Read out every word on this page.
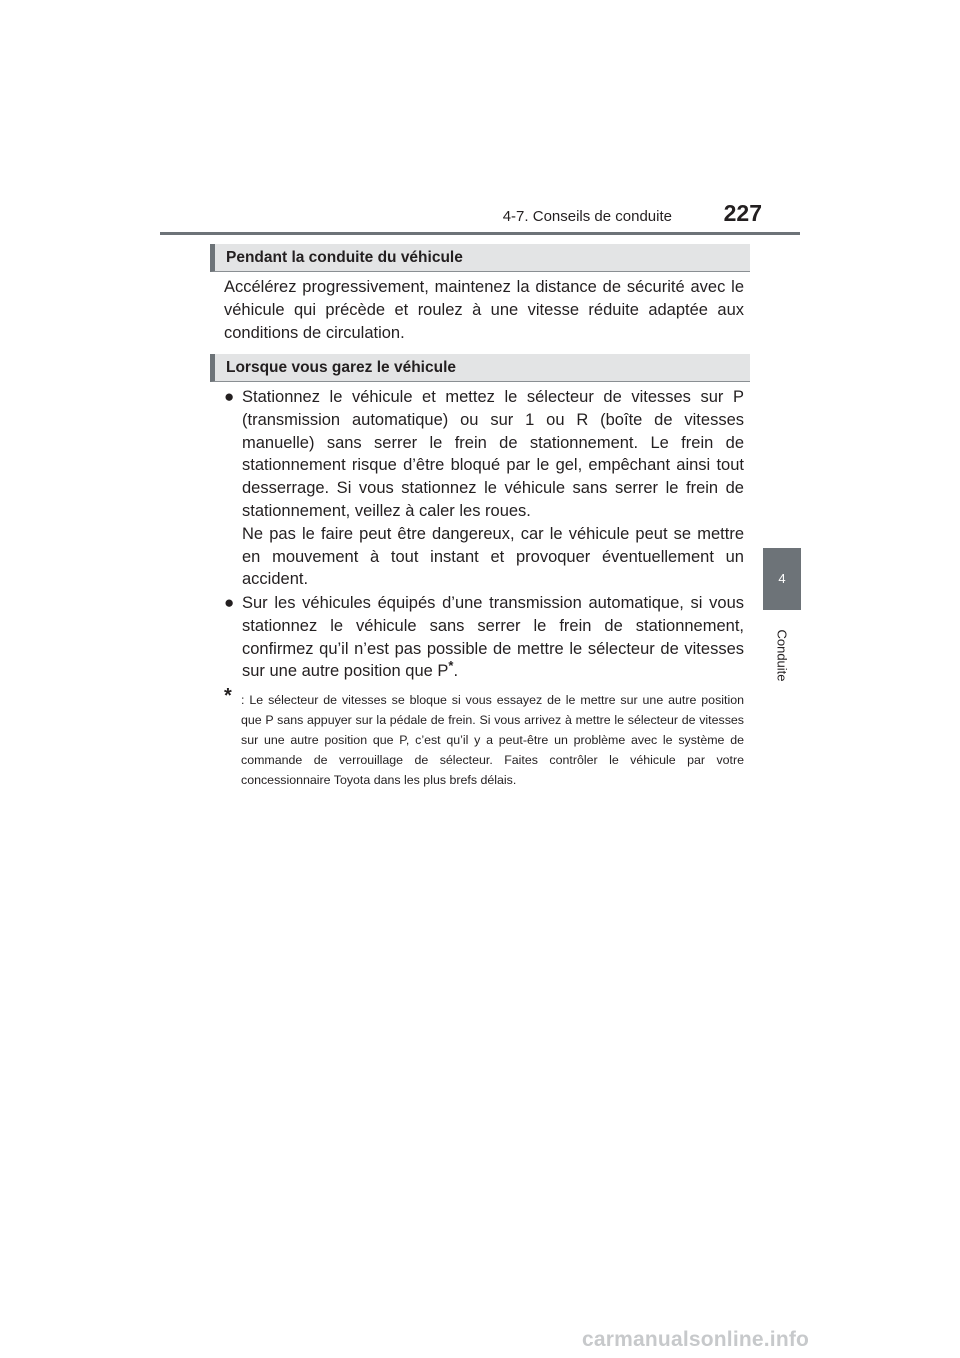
4-7. Conseils de conduite	227
4
Conduite
Pendant la conduite du véhicule

Accélérez progressivement, maintenez la distance de sécurité avec le véhicule qui précède et roulez à une vitesse réduite adaptée aux conditions de circulation.

Lorsque vous garez le véhicule
● Stationnez le véhicule et mettez le sélecteur de vitesses sur P (transmission automatique) ou sur 1 ou R (boîte de vitesses manuelle) sans serrer le frein de stationnement. Le frein de stationnement risque d’être bloqué par le gel, empêchant ainsi tout desserrage. Si vous stationnez le véhicule sans serrer le frein de stationnement, veillez à caler les roues.

Ne pas le faire peut être dangereux, car le véhicule peut se mettre en mouvement à tout instant et provoquer éventuellement un accident.

● Sur les véhicules équipés d’une transmission automatique, si vous stationnez le véhicule sans serrer le frein de stationnement, confirmez qu’il n’est pas possible de mettre le sélecteur de vitesses sur une autre position que P*.

* : Le sélecteur de vitesses se bloque si vous essayez de le mettre sur une autre position que P sans appuyer sur la pédale de frein. Si vous arrivez à mettre le sélecteur de vitesses sur une autre position que P, c’est qu’il y a peut-être un problème avec le système de commande de verrouillage de sélecteur. Faites contrôler le véhicule par votre concessionnaire Toyota dans les plus brefs délais.
carmanualsonline.info
